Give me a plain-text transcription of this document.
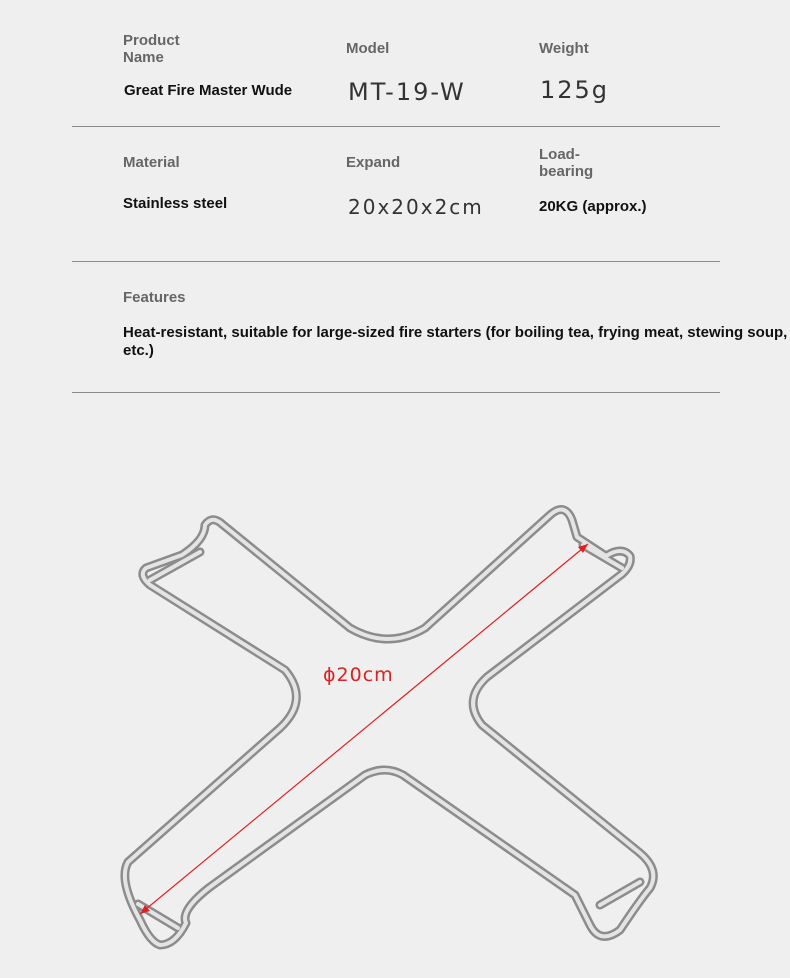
Product Name
Great Fire Master Wude
Model
MT-19-W
Weight
125g
Material
Stainless steel
Expand
20x20x2cm
Load-bearing
20KG (approx.)
Features
Heat-resistant, suitable for large-sized fire starters (for boiling tea, frying meat, stewing soup, etc.)
ϕ20cm
